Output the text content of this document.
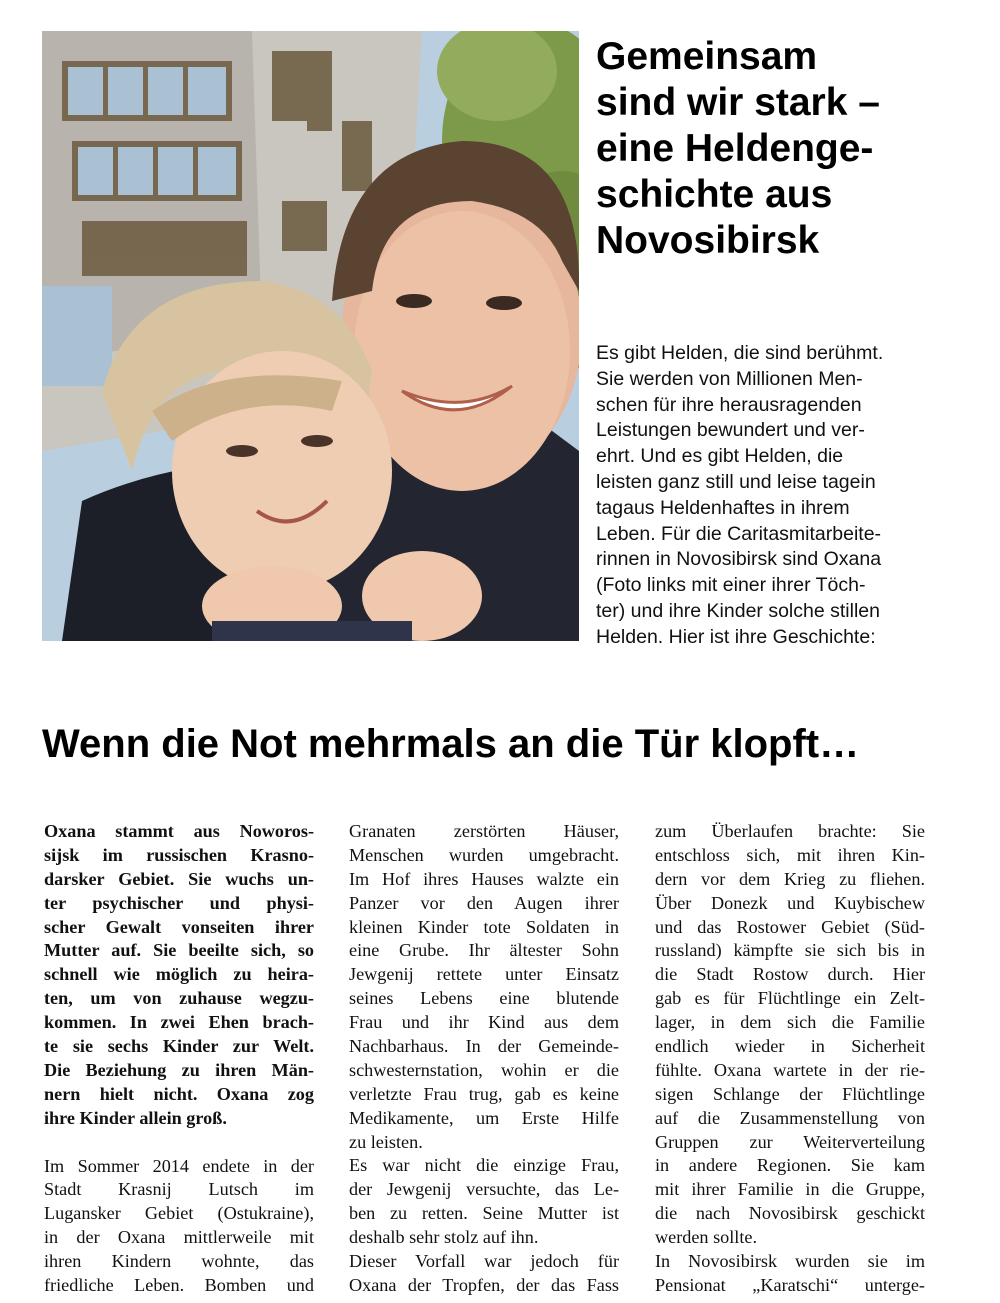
Gemeinsam
sind wir stark –
eine Heldenge-
schichte aus
Novosibirsk

Es gibt Helden, die sind berühmt.
Sie werden von Millionen Men-
schen für ihre herausragenden
Leistungen bewundert und ver-
ehrt. Und es gibt Helden, die
leisten ganz still und leise tagein
tagaus Heldenhaftes in ihrem
Leben. Für die Caritasmitarbeite-
rinnen in Novosibirsk sind Oxana
(Foto links mit einer ihrer Töch-
ter) und ihre Kinder solche stillen
Helden. Hier ist ihre Geschichte:

Wenn die Not mehrmals an die Tür klopft…
Oxana stammt aus Noworos-
sijsk im russischen Krasno-
darsker Gebiet. Sie wuchs un-
ter psychischer und physi-
scher Gewalt vonseiten ihrer
Mutter auf. Sie beeilte sich, so
schnell wie möglich zu heira-
ten, um von zuhause wegzu-
kommen. In zwei Ehen brach-
te sie sechs Kinder zur Welt.
Die Beziehung zu ihren Män-
nern hielt nicht. Oxana zog
ihre Kinder allein groß.
Im Sommer 2014 endete in der
Stadt Krasnij Lutsch im
Lugansker Gebiet (Ostukraine),
in der Oxana mittlerweile mit
ihren Kindern wohnte, das
friedliche Leben. Bomben und
Granaten zerstörten Häuser,
Menschen wurden umgebracht.
Im Hof ihres Hauses walzte ein
Panzer vor den Augen ihrer
kleinen Kinder tote Soldaten in
eine Grube. Ihr ältester Sohn
Jewgenij rettete unter Einsatz
seines Lebens eine blutende
Frau und ihr Kind aus dem
Nachbarhaus. In der Gemeinde-
schwesternstation, wohin er die
verletzte Frau trug, gab es keine
Medikamente, um Erste Hilfe
zu leisten.
Es war nicht die einzige Frau,
der Jewgenij versuchte, das Le-
ben zu retten. Seine Mutter ist
deshalb sehr stolz auf ihn.
Dieser Vorfall war jedoch für
Oxana der Tropfen, der das Fass
zum Überlaufen brachte: Sie
entschloss sich, mit ihren Kin-
dern vor dem Krieg zu fliehen.
Über Donezk und Kuybischew
und das Rostower Gebiet (Süd-
russland) kämpfte sie sich bis in
die Stadt Rostow durch. Hier
gab es für Flüchtlinge ein Zelt-
lager, in dem sich die Familie
endlich wieder in Sicherheit
fühlte. Oxana wartete in der rie-
sigen Schlange der Flüchtlinge
auf die Zusammenstellung von
Gruppen zur Weiterverteilung
in andere Regionen. Sie kam
mit ihrer Familie in die Gruppe,
die nach Novosibirsk geschickt
werden sollte.
In Novosibirsk wurden sie im
Pensionat „Karatschi“ unterge-
